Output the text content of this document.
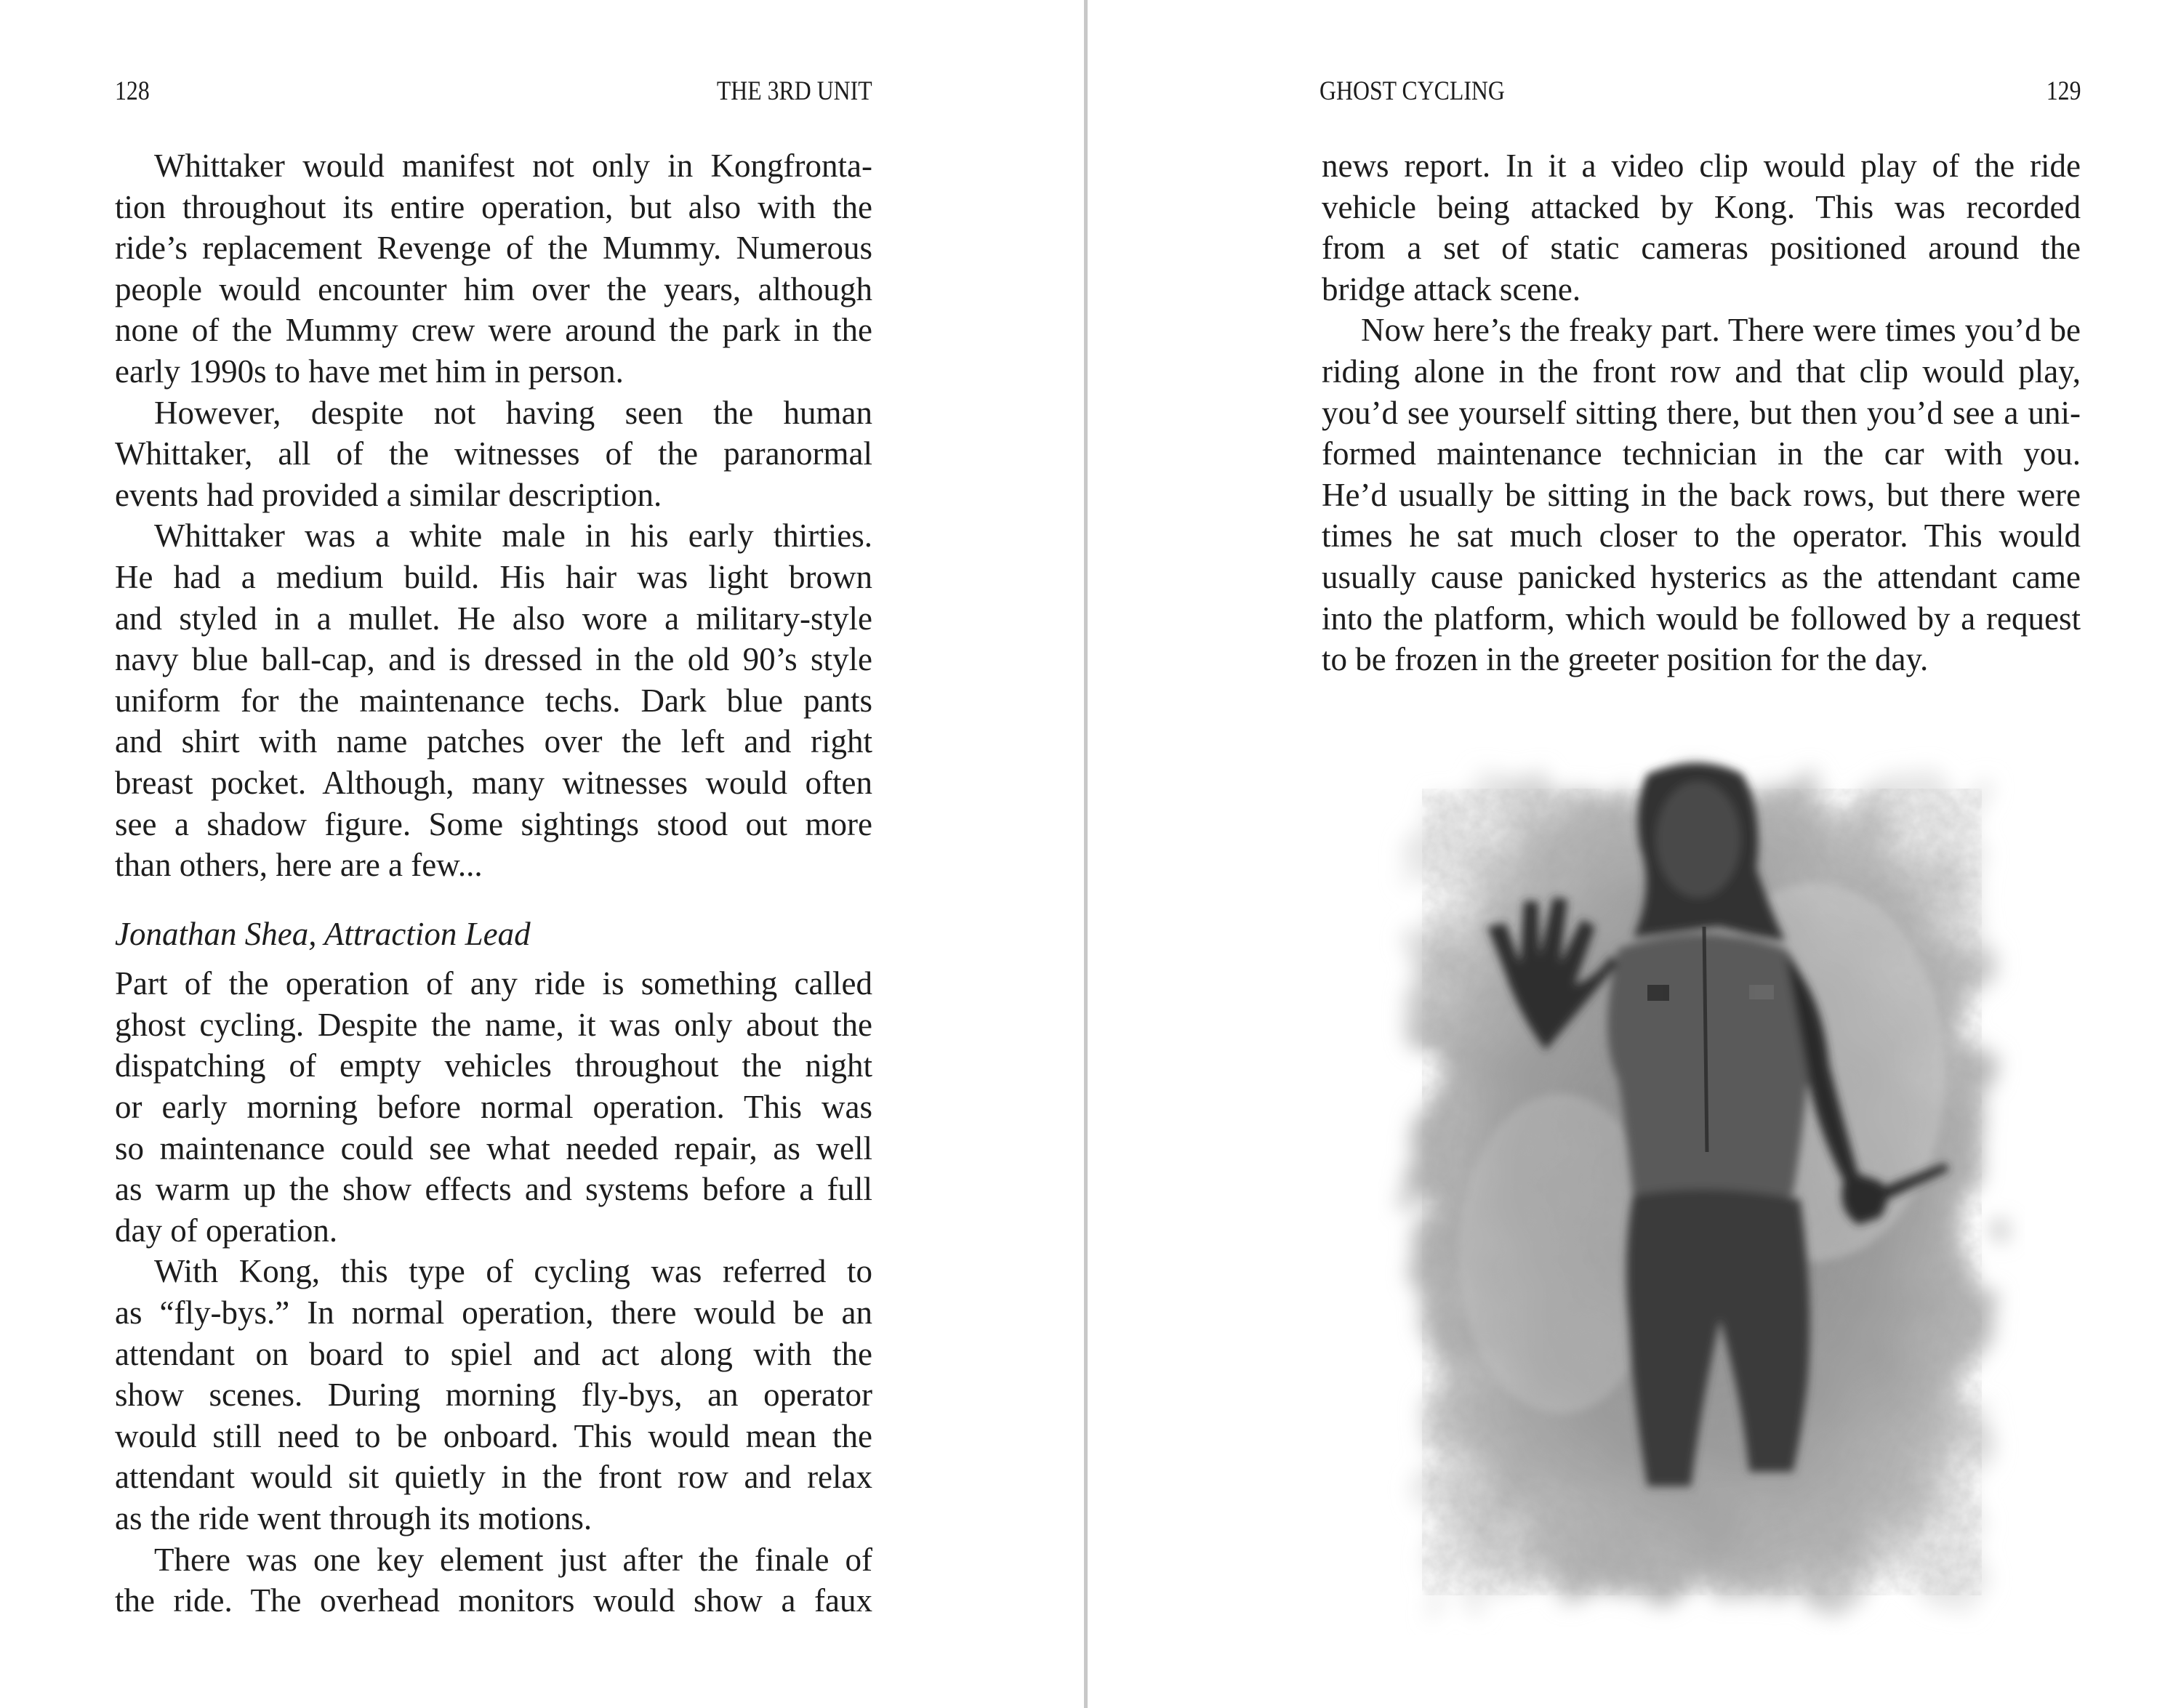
128	THE 3RD UNIT
Whittaker would manifest not only in Kongfronta-
tion throughout its entire operation, but also with the
ride’s replacement Revenge of the Mummy. Numerous
people would encounter him over the years, although
none of the Mummy crew were around the park in the
early 1990s to have met him in person.
However, despite not having seen the human
Whittaker, all of the witnesses of the paranormal
events had provided a similar description.
Whittaker was a white male in his early thirties.
He had a medium build. His hair was light brown
and styled in a mullet. He also wore a military-style
navy blue ball-cap, and is dressed in the old 90’s style
uniform for the maintenance techs. Dark blue pants
and shirt with name patches over the left and right
breast pocket. Although, many witnesses would often
see a shadow figure. Some sightings stood out more
than others, here are a few...
Jonathan Shea, Attraction Lead
Part of the operation of any ride is something called
ghost cycling. Despite the name, it was only about the
dispatching of empty vehicles throughout the night
or early morning before normal operation. This was
so maintenance could see what needed repair, as well
as warm up the show effects and systems before a full
day of operation.
With Kong, this type of cycling was referred to
as “fly-bys.” In normal operation, there would be an
attendant on board to spiel and act along with the
show scenes. During morning fly-bys, an operator
would still need to be onboard. This would mean the
attendant would sit quietly in the front row and relax
as the ride went through its motions.
There was one key element just after the finale of
the ride. The overhead monitors would show a faux
GHOST CYCLING	129
news report. In it a video clip would play of the ride
vehicle being attacked by Kong. This was recorded
from a set of static cameras positioned around the
bridge attack scene.
Now here’s the freaky part. There were times you’d be
riding alone in the front row and that clip would play,
you’d see yourself sitting there, but then you’d see a uni-
formed maintenance technician in the car with you.
He’d usually be sitting in the back rows, but there were
times he sat much closer to the operator. This would
usually cause panicked hysterics as the attendant came
into the platform, which would be followed by a request
to be frozen in the greeter position for the day.
